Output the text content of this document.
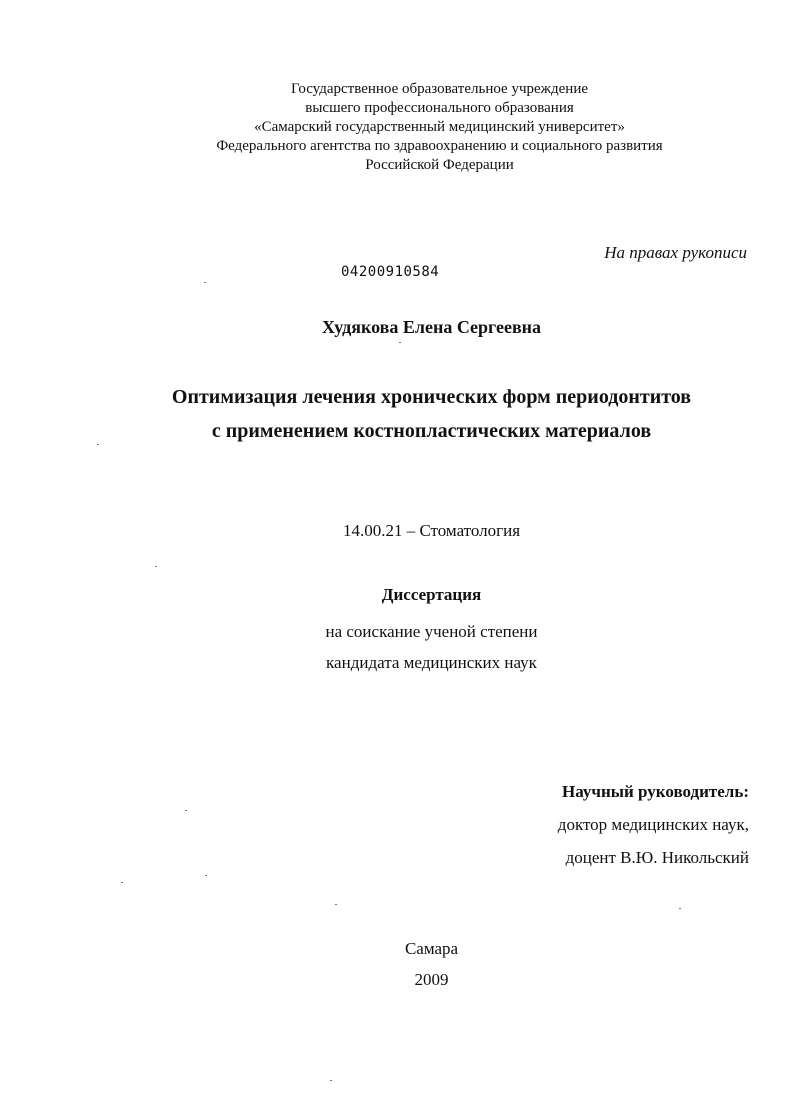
Государственное образовательное учреждение
высшего профессионального образования
«Самарский государственный медицинский университет»
Федерального агентства по здравоохранению и социального развития
Российской Федерации
На правах рукописи
04200910584
Худякова Елена Сергеевна
Оптимизация лечения хронических форм периодонтитов
с применением костнопластических материалов
14.00.21 – Стоматология
Диссертация
на соискание ученой степени
кандидата медицинских наук
Научный руководитель:
доктор медицинских наук,
доцент В.Ю. Никольский
Самара
2009
